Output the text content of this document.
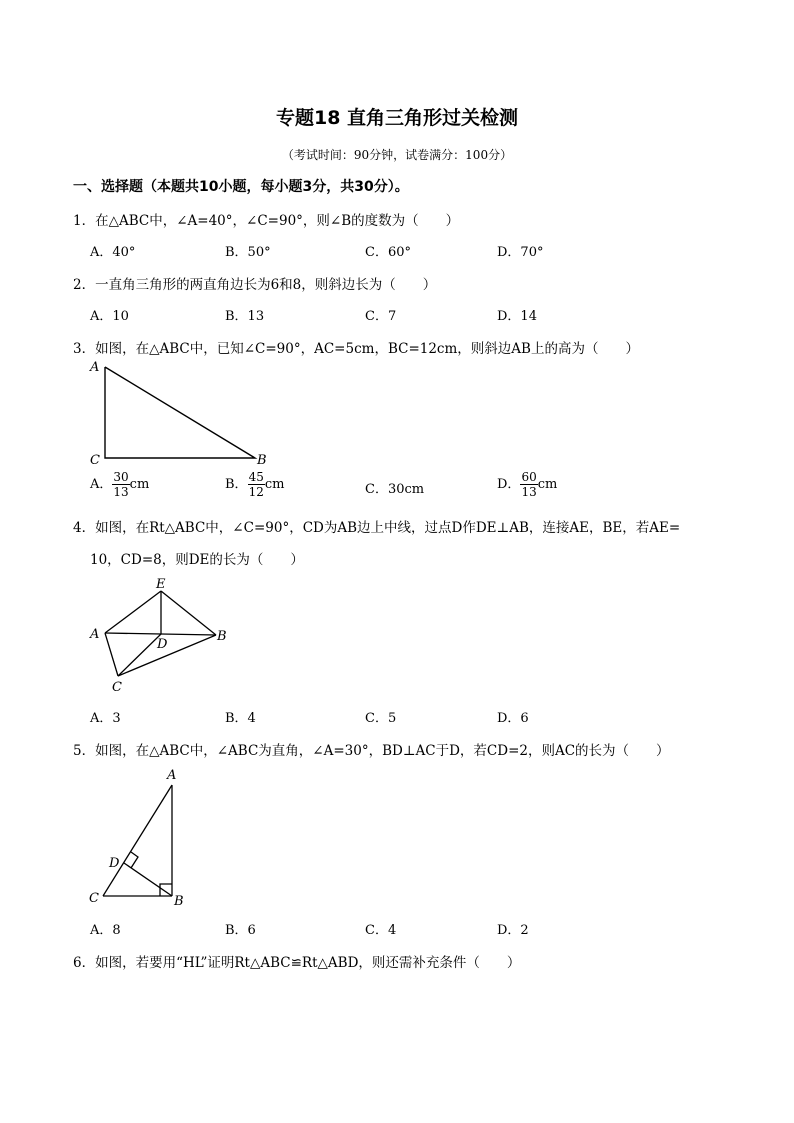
专题18 直角三角形过关检测
（考试时间：90分钟，试卷满分：100分）
一、选择题（本题共10小题，每小题3分，共30分）。
1．在△ABC中，∠A=40°，∠C=90°，则∠B的度数为（　　）
A．40°	B．50°	C．60°	D．70°
2．一直角三角形的两直角边长为6和8，则斜边长为（　　）
A．10	B．13	C．7	D．14
3．如图，在△ABC中，已知∠C=90°，AC=5cm，BC=12cm，则斜边AB上的高为（　　）
A
C	B
A． $\frac{30}{13}$ cm	B． $\frac{45}{12}$ cm	C．30cm	D． $\frac{60}{13}$ cm
4．如图，在Rt△ABC中，∠C=90°，CD为AB边上中线，过点D作DE⊥AB，连接AE，BE，若AE=
10，CD=8，则DE的长为（　　）
E
A	B
D
C
A．3	B．4	C．5	D．6
5．如图，在△ABC中，∠ABC为直角，∠A=30°，BD⊥AC于D，若CD=2，则AC的长为（　　）
A
D
C	B
A．8	B．6	C．4	D．2
6．如图，若要用“HL”证明Rt△ABC≌Rt△ABD，则还需补充条件（　　）
